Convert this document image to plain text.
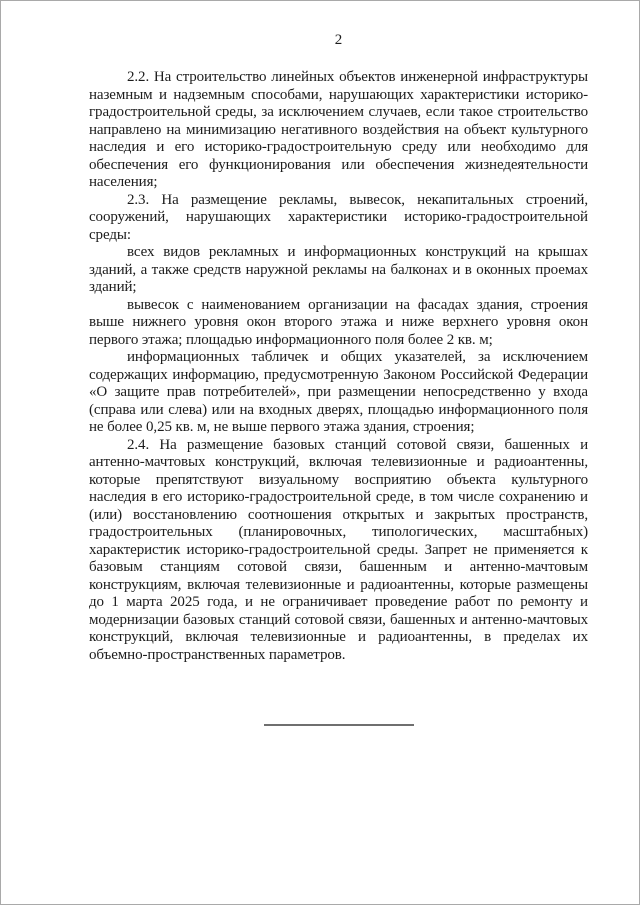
2

2.2. На строительство линейных объектов инженерной инфраструктуры наземным и надземным способами, нарушающих характеристики историко-градостроительной среды, за исключением случаев, если такое строительство направлено на минимизацию негативного воздействия на объект культурного наследия и его историко-градостроительную среду или необходимо для обеспечения его функционирования или обеспечения жизнедеятельности населения;

2.3. На размещение рекламы, вывесок, некапитальных строений, сооружений, нарушающих характеристики историко-градостроительной среды:

всех видов рекламных и информационных конструкций на крышах зданий, а также средств наружной рекламы на балконах и в оконных проемах зданий;

вывесок с наименованием организации на фасадах здания, строения выше нижнего уровня окон второго этажа и ниже верхнего уровня окон первого этажа; площадью информационного поля более 2 кв. м;

информационных табличек и общих указателей, за исключением содержащих информацию, предусмотренную Законом Российской Федерации «О защите прав потребителей», при размещении непосредственно у входа (справа или слева) или на входных дверях, площадью информационного поля не более 0,25 кв. м, не выше первого этажа здания, строения;

2.4. На размещение базовых станций сотовой связи, башенных и антенно-мачтовых конструкций, включая телевизионные и радиоантенны, которые препятствуют визуальному восприятию объекта культурного наследия в его историко-градостроительной среде, в том числе сохранению и (или) восстановлению соотношения открытых и закрытых пространств, градостроительных (планировочных, типологических, масштабных) характеристик историко-градостроительной среды. Запрет не применяется к базовым станциям сотовой связи, башенным и антенно-мачтовым конструкциям, включая телевизионные и радиоантенны, которые размещены до 1 марта 2025 года, и не ограничивает проведение работ по ремонту и модернизации базовых станций сотовой связи, башенных и антенно-мачтовых конструкций, включая телевизионные и радиоантенны, в пределах их объемно-пространственных параметров.
